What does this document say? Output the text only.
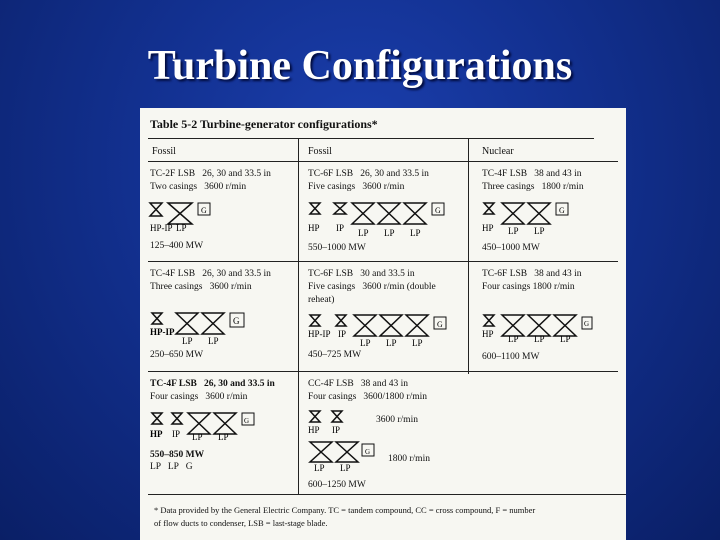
Turbine Configurations
Table 5-2 Turbine-generator configurations*
Fossil	Fossil	Nuclear
TC-2F LSB   26, 30 and 33.5 in
Two casings   3600 r/min
HP-IP LP
G
125–400 MW
TC-6F LSB   26, 30 and 33.5 in
Five casings   3600 r/min
HP IP LP LP LP
G
550–1000 MW
TC-4F LSB   38 and 43 in
Three casings   1800 r/min
HP LP LP
G
450–1000 MW
TC-4F LSB   26, 30 and 33.5 in
Three casings   3600 r/min
HP-IP
LP LP
G
250–650 MW
TC-6F LSB   30 and 33.5 in
Five casings   3600 r/min (double
reheat)
HP-IP IP
LP LP LP
G
450–725 MW
TC-6F LSB   38 and 43 in
Four casings 1800 r/min
HP LP LP LP
G
600–1100 MW
TC-4F LSB   26, 30 and 33.5 in
Four casings   3600 r/min
HP IP LP LP
G
550–850 MW
LP   LP   G
CC-4F LSB   38 and 43 in
Four casings   3600/1800 r/min
HP IP
LP LP
G
3600 r/min
1800 r/min
600–1250 MW
* Data provided by the General Electric Company. TC = tandem compound, CC = cross compound, F = number
of flow ducts to condenser, LSB = last-stage blade.
